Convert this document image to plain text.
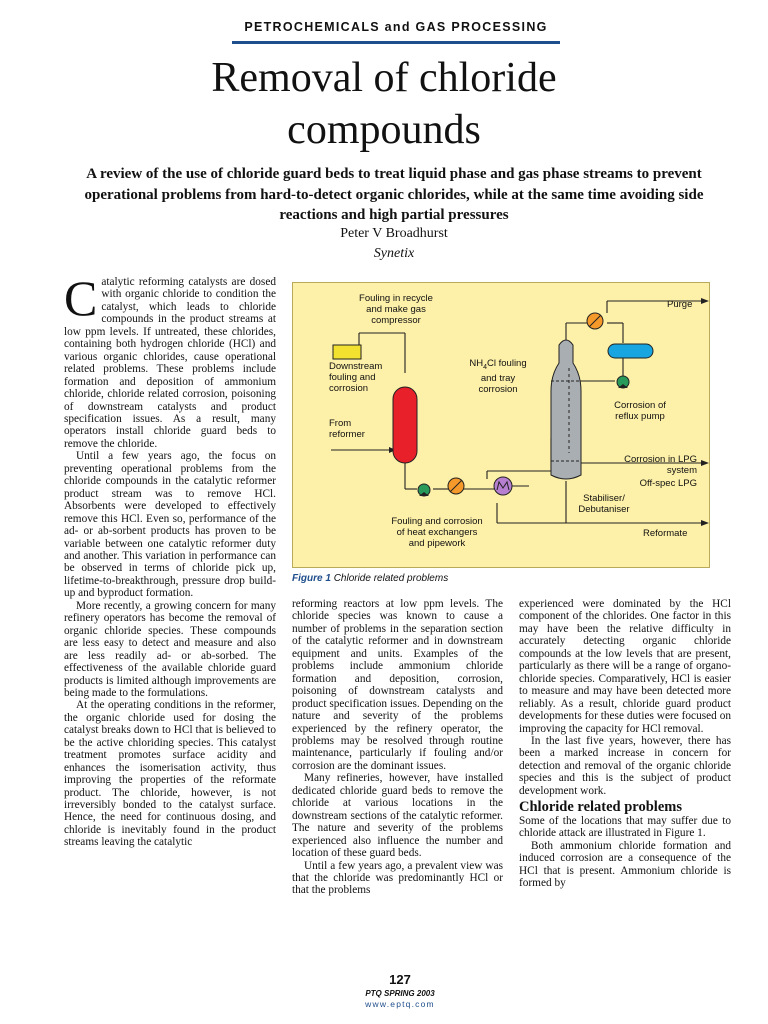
PETROCHEMICALS and GAS PROCESSING
Removal of chloride
compounds
A review of the use of chloride guard beds to treat liquid phase and gas phase streams to prevent operational problems from hard-to-detect organic chlorides, while at the same time avoiding side reactions and high partial pressures
Peter V Broadhurst
Synetix

Catalytic reforming catalysts are dosed with organic chloride to condition the catalyst, which leads to chloride compounds in the product streams at low ppm levels. If untreated, these chlorides, containing both hydrogen chloride (HCl) and various organic chlorides, cause operational related problems. These problems include formation and deposition of ammonium chloride, chloride related corrosion, poisoning of downstream catalysts and product specification issues. As a result, many operators install chloride guard beds to remove the chloride.

Until a few years ago, the focus on preventing operational problems from the chloride compounds in the catalytic reformer product stream was to remove HCl. Absorbents were developed to effectively remove this HCl. Even so, performance of the ad- or ab-sorbent products has proven to be variable between one catalytic reformer duty and another. This variation in performance can be observed in terms of chloride pick up, lifetime-to-breakthrough, pressure drop build-up and byproduct formation.

More recently, a growing concern for many refinery operators has become the removal of organic chloride species. These compounds are less easy to detect and measure and also are less readily ad- or ab-sorbed. The effectiveness of the available chloride guard products is limited although improvements are being made to the formulations.

At the operating conditions in the reformer, the organic chloride used for dosing the catalyst breaks down to HCl that is believed to be the active chloriding species. This catalyst treatment promotes surface acidity and enhances the isomerisation activity, thus improving the properties of the reformate product. The chloride, however, is not irreversibly bonded to the catalyst surface. Hence, the need for continuous dosing, and chloride is inevitably found in the product streams leaving the catalytic

Fouling in recycle
and make gas
compressor
Purge
Downstream
fouling and
corrosion
$NH_4Cl$ fouling
and tray
corrosion
Corrosion of
reflux pump
From
reformer
Corrosion in LPG
system
Off-spec LPG
Stabiliser/
Debutaniser
Fouling and corrosion
of heat exchangers
and pipework
Reformate
Figure 1 Chloride related problems

reforming reactors at low ppm levels. The chloride species was known to cause a number of problems in the separation section of the catalytic reformer and in downstream equipment and units. Examples of the problems include ammonium chloride formation and deposition, corrosion, poisoning of downstream catalysts and product specification issues. Depending on the nature and severity of the problems experienced by the refinery operator, the problems may be resolved through routine maintenance, particularly if fouling and/or corrosion are the dominant issues.

Many refineries, however, have installed dedicated chloride guard beds to remove the chloride at various locations in the downstream sections of the catalytic reformer. The nature and severity of the problems experienced also influence the number and location of these guard beds.

Until a few years ago, a prevalent view was that the chloride was predominantly HCl or that the problems

experienced were dominated by the HCl component of the chlorides. One factor in this may have been the relative difficulty in accurately detecting organic chloride compounds at the low levels that are present, particularly as there will be a range of organo-chloride species. Comparatively, HCl is easier to measure and may have been detected more reliably. As a result, chloride guard product developments for these duties were focused on improving the capacity for HCl removal.

In the last five years, however, there has been a marked increase in concern for detection and removal of the organic chloride species and this is the subject of product development work.

Chloride related problems

Some of the locations that may suffer due to chloride attack are illustrated in Figure 1.

Both ammonium chloride formation and induced corrosion are a consequence of the HCl that is present. Ammonium chloride is formed by

127
PTQ SPRING 2003
www.eptq.com
